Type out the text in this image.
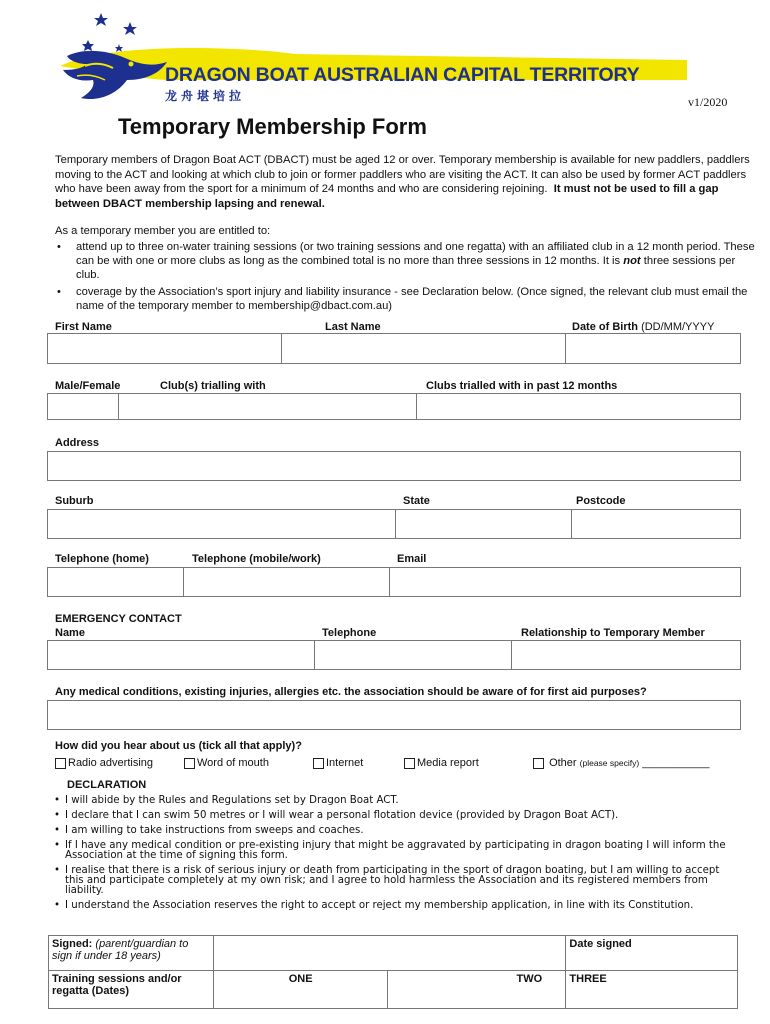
DRAGON BOAT AUSTRALIAN CAPITAL TERRITORY
龙舟堪培拉	v1/2020
Temporary Membership Form
Temporary members of Dragon Boat ACT (DBACT) must be aged 12 or over. Temporary membership is available for new paddlers, paddlers moving to the ACT and looking at which club to join or former paddlers who are visiting the ACT. It can also be used by former ACT paddlers who have been away from the sport for a minimum of 24 months and who are considering rejoining. It must not be used to fill a gap between DBACT membership lapsing and renewal.
As a temporary member you are entitled to:
• attend up to three on-water training sessions (or two training sessions and one regatta) with an affiliated club in a 12 month period. These can be with one or more clubs as long as the combined total is no more than three sessions in 12 months. It is not three sessions per club.
• coverage by the Association’s sport injury and liability insurance - see Declaration below. (Once signed, the relevant club must email the name of the temporary member to membership@dbact.com.au)
First Name	Last Name	Date of Birth (DD/MM/YYYY
Male/Female	Club(s) trialling with	Clubs trialled with in past 12 months
Address
Suburb	State	Postcode
Telephone (home)	Telephone (mobile/work)	Email
EMERGENCY CONTACT
Name	Telephone	Relationship to Temporary Member
Any medical conditions, existing injuries, allergies etc. the association should be aware of for first aid purposes?
How did you hear about us (tick all that apply)?
Radio advertising	Word of mouth	Internet	Media report	Other (please specify) ___________
DECLARATION
• I will abide by the Rules and Regulations set by Dragon Boat ACT.
• I declare that I can swim 50 metres or I will wear a personal flotation device (provided by Dragon Boat ACT).
• I am willing to take instructions from sweeps and coaches.
• If I have any medical condition or pre-existing injury that might be aggravated by participating in dragon boating I will inform the Association at the time of signing this form.
• I realise that there is a risk of serious injury or death from participating in the sport of dragon boating, but I am willing to accept this and participate completely at my own risk; and I agree to hold harmless the Association and its registered members from liability.
• I understand the Association reserves the right to accept or reject my membership application, in line with its Constitution.
Signed: (parent/guardian to sign if under 18 years)			Date signed
Training sessions and/or regatta (Dates)	ONE	TWO	THREE
